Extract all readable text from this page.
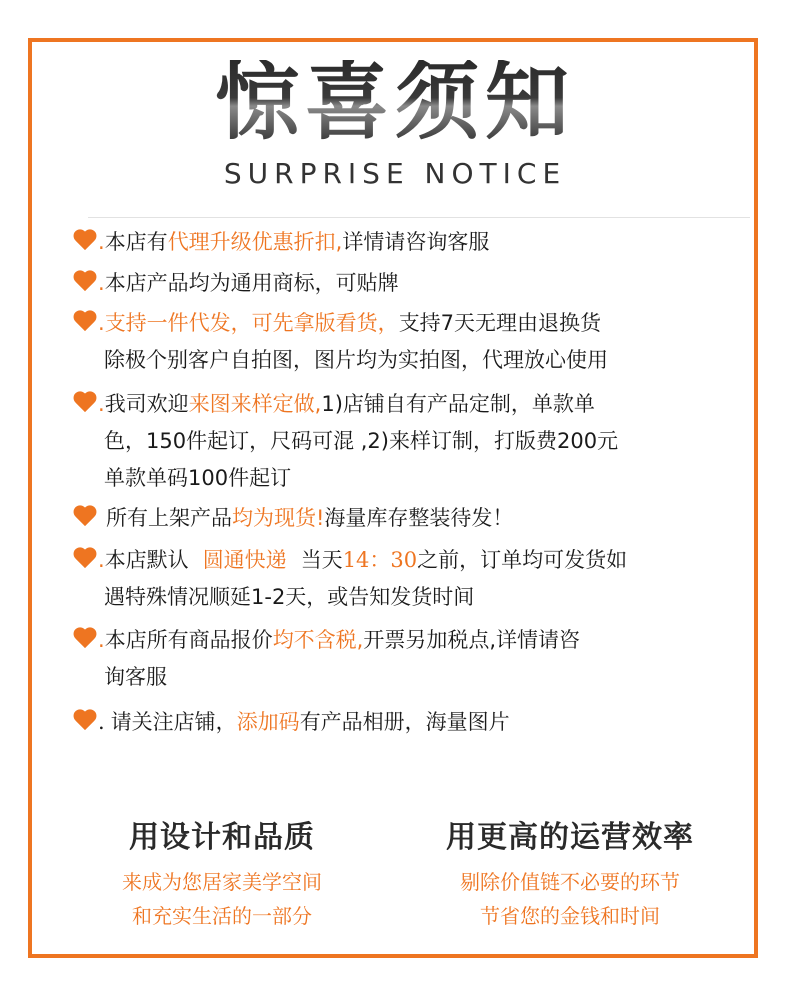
惊喜须知
SURPRISE NOTICE
.本店有代理升级优惠折扣,详情请咨询客服
.本店产品均为通用商标，可贴牌
.支持一件代发，可先拿版看货，支持7天无理由退换货
除极个别客户自拍图，图片均为实拍图，代理放心使用
.我司欢迎来图来样定做,1)店铺自有产品定制，单款单
色，150件起订，尺码可混 ,2)来样订制，打版费200元
单款单码100件起订
所有上架产品均为现货!海量库存整装待发！
.本店默认 圆通快递 当天14：30之前，订单均可发货如
遇特殊情况顺延1-2天，或告知发货时间
.本店所有商品报价均不含税,开票另加税点,详情请咨
询客服
. 请关注店铺，添加码有产品相册，海量图片
用设计和品质
来成为您居家美学空间
和充实生活的一部分
用更高的运营效率
剔除价值链不必要的环节
节省您的金钱和时间
